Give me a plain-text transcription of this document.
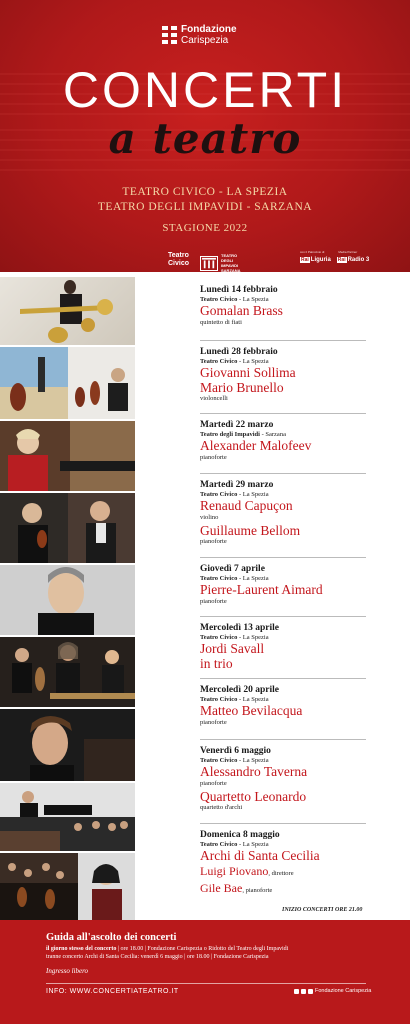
Fondazione
Carispezia
CONCERTI
a teatro
TEATRO CIVICO - LA SPEZIA
TEATRO DEGLI IMPAVIDI - SARZANA
STAGIONE 2022
Teatro
Civico
TEATRO
DEGLI
IMPAVIDI
SARZANA
con il Patrocinio di	Media Partner
Rai Liguria Rai Radio 3
Lunedì 14 febbraio
Teatro Civico - La Spezia
Gomalan Brass
quintetto di fiati
Lunedì 28 febbraio
Teatro Civico - La Spezia
Giovanni Sollima
Mario Brunello
violoncelli
Martedì 22 marzo
Teatro degli Impavidi - Sarzana
Alexander Malofeev
pianoforte
Martedì 29 marzo
Teatro Civico - La Spezia
Renaud Capuçon
violino
Guillaume Bellom
pianoforte
Giovedì 7 aprile
Teatro Civico - La Spezia
Pierre-Laurent Aimard
pianoforte
Mercoledì 13 aprile
Teatro Civico - La Spezia
Jordi Savall
in trio
Mercoledì 20 aprile
Teatro Civico - La Spezia
Matteo Bevilacqua
pianoforte
Venerdì 6 maggio
Teatro Civico - La Spezia
Alessandro Taverna
pianoforte
Quartetto Leonardo
quartetto d'archi
Domenica 8 maggio
Teatro Civico - La Spezia
Archi di Santa Cecilia
Luigi Piovano, direttore
Gile Bae, pianoforte
INIZIO CONCERTI ORE 21.00
Guida all'ascolto dei concerti
il giorno stesso del concerto | ore 18.00 | Fondazione Carispezia o Ridotto del Teatro degli Impavidi
tranne concerto Archi di Santa Cecilia: venerdì 6 maggio | ore 18.00 | Fondazione Carispezia
Ingresso libero
INFO: WWW.CONCERTIATEATRO.IT	Fondazione Carispezia
